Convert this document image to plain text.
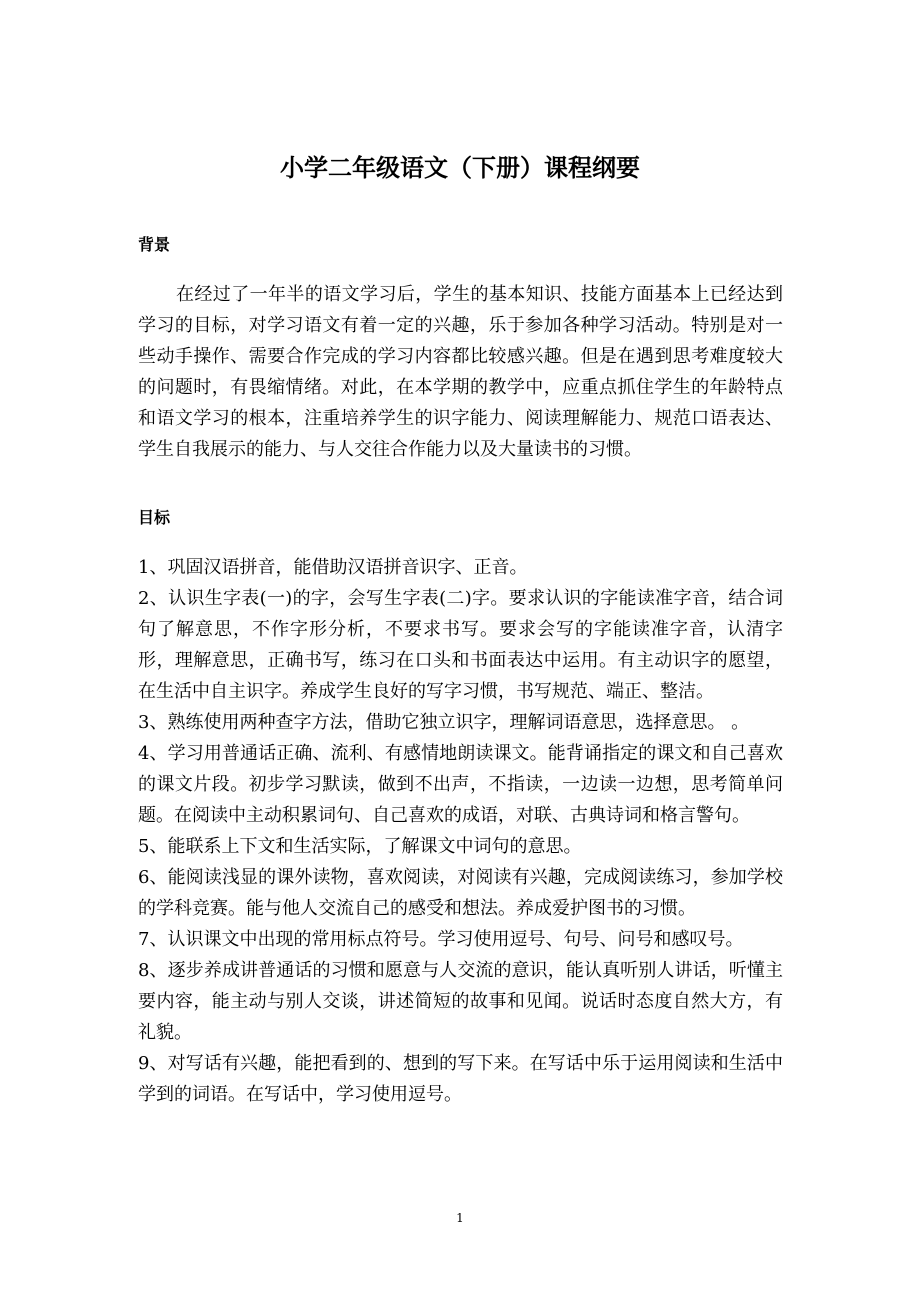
小学二年级语文（下册）课程纲要
背景

在经过了一年半的语文学习后，学生的基本知识、技能方面基本上已经达到学习的目标，对学习语文有着一定的兴趣，乐于参加各种学习活动。特别是对一些动手操作、需要合作完成的学习内容都比较感兴趣。但是在遇到思考难度较大的问题时，有畏缩情绪。对此，在本学期的教学中，应重点抓住学生的年龄特点和语文学习的根本，注重培养学生的识字能力、阅读理解能力、规范口语表达、学生自我展示的能力、与人交往合作能力以及大量读书的习惯。

目标
1、巩固汉语拼音，能借助汉语拼音识字、正音。
2、认识生字表(一)的字，会写生字表(二)字。要求认识的字能读准字音，结合词句了解意思，不作字形分析，不要求书写。要求会写的字能读准字音，认清字形，理解意思，正确书写，练习在口头和书面表达中运用。有主动识字的愿望，在生活中自主识字。养成学生良好的写字习惯，书写规范、端正、整洁。
3、熟练使用两种查字方法，借助它独立识字，理解词语意思，选择意思。 。
4、学习用普通话正确、流利、有感情地朗读课文。能背诵指定的课文和自己喜欢的课文片段。初步学习默读，做到不出声，不指读，一边读一边想，思考简单问题。在阅读中主动积累词句、自己喜欢的成语，对联、古典诗词和格言警句。
5、能联系上下文和生活实际，了解课文中词句的意思。
6、能阅读浅显的课外读物，喜欢阅读，对阅读有兴趣，完成阅读练习，参加学校的学科竞赛。能与他人交流自己的感受和想法。养成爱护图书的习惯。
7、认识课文中出现的常用标点符号。学习使用逗号、句号、问号和感叹号。
8、逐步养成讲普通话的习惯和愿意与人交流的意识，能认真听别人讲话，听懂主要内容，能主动与别人交谈，讲述简短的故事和见闻。说话时态度自然大方，有礼貌。
9、对写话有兴趣，能把看到的、想到的写下来。在写话中乐于运用阅读和生活中学到的词语。在写话中，学习使用逗号。
1
